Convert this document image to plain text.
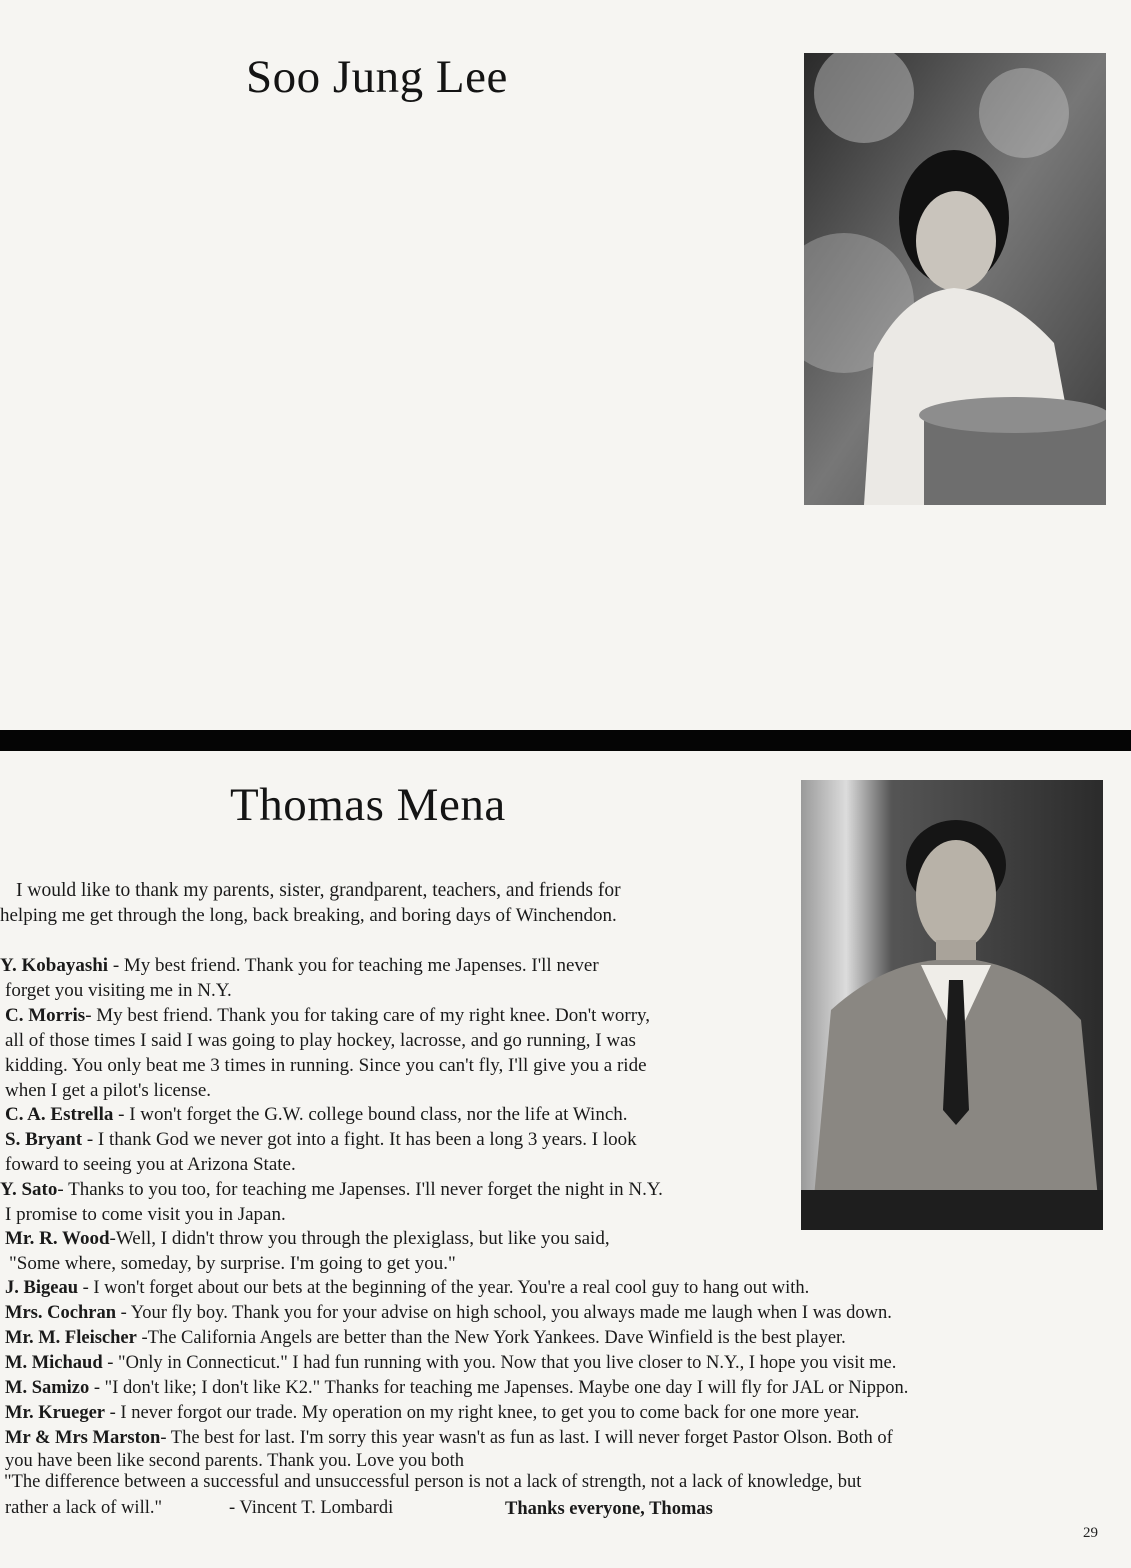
Soo Jung Lee
Thomas Mena
I would like to thank my parents, sister, grandparent, teachers, and friends for
helping me get through the long, back breaking, and boring days of Winchendon.
Y. Kobayashi - My best friend. Thank you for teaching me Japenses. I'll never
forget you visiting me in N.Y.
C. Morris- My best friend. Thank you for taking care of my right knee. Don't worry,
all of those times I said I was going to play hockey, lacrosse, and go running, I was
kidding. You only beat me 3 times in running. Since you can't fly, I'll give you a ride
when I get a pilot's license.
C. A. Estrella - I won't forget the G.W. college bound class, nor the life at Winch.
S. Bryant - I thank God we never got into a fight. It has been a long 3 years. I look
foward to seeing you at Arizona State.
Y. Sato- Thanks to you too, for teaching me Japenses. I'll never forget the night in N.Y.
I promise to come visit you in Japan.
Mr. R. Wood-Well, I didn't throw you through the plexiglass, but like you said,
"Some where, someday, by surprise. I'm going to get you."
J. Bigeau - I won't forget about our bets at the beginning of the year. You're a real cool guy to hang out with.
Mrs. Cochran - Your fly boy. Thank you for your advise on high school, you always made me laugh when I was down.
Mr. M. Fleischer -The California Angels are better than the New York Yankees. Dave Winfield is the best player.
M. Michaud - "Only in Connecticut." I had fun running with you. Now that you live closer to N.Y., I hope you visit me.
M. Samizo - "I don't like; I don't like K2." Thanks for teaching me Japenses. Maybe one day I will fly for JAL or Nippon.
Mr. Krueger - I never forgot our trade. My operation on my right knee, to get you to come back for one more year.
Mr & Mrs Marston- The best for last. I'm sorry this year wasn't as fun as last. I will never forget Pastor Olson. Both of
you have been like second parents. Thank you. Love you both
"The difference between a successful and unsuccessful person is not a lack of strength, not a lack of knowledge, but
rather a lack of will."	- Vincent T. Lombardi	Thanks everyone, Thomas
29
